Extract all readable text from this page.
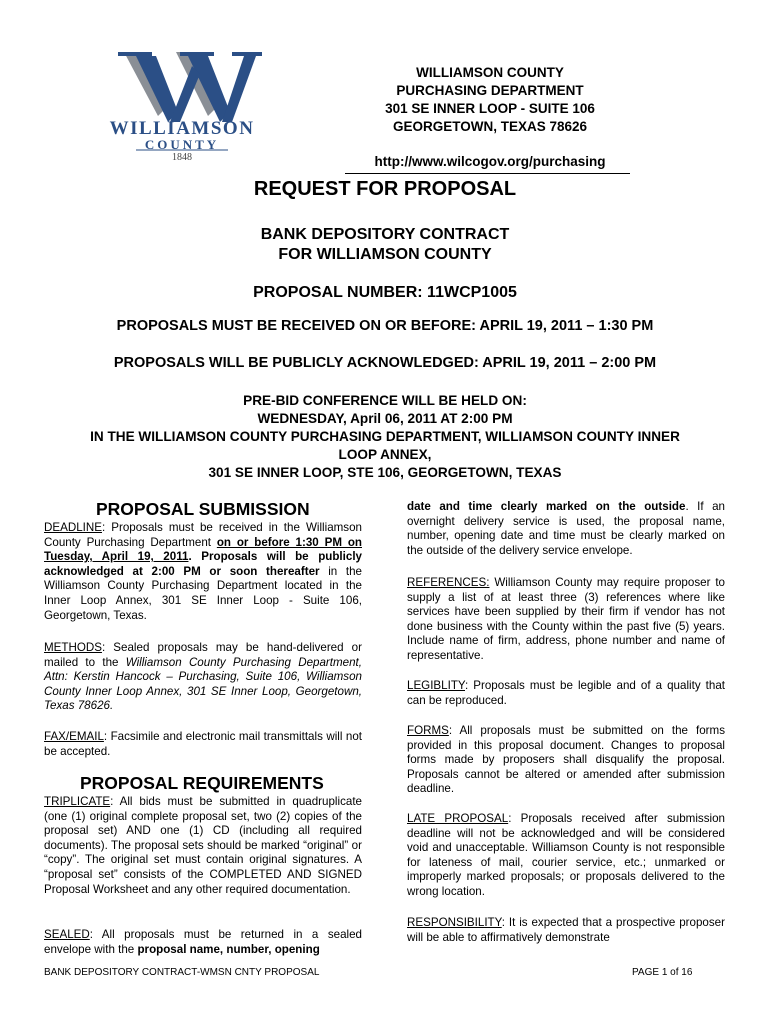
WILLIAMSON
COUNTY
1848
WILLIAMSON COUNTY
PURCHASING DEPARTMENT
301 SE INNER LOOP - SUITE 106
GEORGETOWN, TEXAS 78626
http://www.wilcogov.org/purchasing
REQUEST FOR PROPOSAL
BANK DEPOSITORY CONTRACT
FOR WILLIAMSON COUNTY
PROPOSAL NUMBER: 11WCP1005
PROPOSALS MUST BE RECEIVED ON OR BEFORE: APRIL 19, 2011 – 1:30 PM
PROPOSALS WILL BE PUBLICLY ACKNOWLEDGED: APRIL 19, 2011 – 2:00 PM
PRE-BID CONFERENCE WILL BE HELD ON:
WEDNESDAY, April 06, 2011 AT 2:00 PM
IN THE WILLIAMSON COUNTY PURCHASING DEPARTMENT, WILLIAMSON COUNTY INNER
LOOP ANNEX,
301 SE INNER LOOP, STE 106, GEORGETOWN, TEXAS
PROPOSAL SUBMISSION

DEADLINE: Proposals must be received in the Williamson County Purchasing Department on or before 1:30 PM on Tuesday, April 19, 2011. Proposals will be publicly acknowledged at 2:00 PM or soon thereafter in the Williamson County Purchasing Department located in the Inner Loop Annex, 301 SE Inner Loop - Suite 106, Georgetown, Texas.

METHODS: Sealed proposals may be hand-delivered or mailed to the Williamson County Purchasing Department, Attn: Kerstin Hancock – Purchasing, Suite 106, Williamson County Inner Loop Annex, 301 SE Inner Loop, Georgetown, Texas 78626.

FAX/EMAIL: Facsimile and electronic mail transmittals will not be accepted.

PROPOSAL REQUIREMENTS

TRIPLICATE: All bids must be submitted in quadruplicate (one (1) original complete proposal set, two (2) copies of the proposal set) AND one (1) CD (including all required documents). The proposal sets should be marked “original” or “copy”. The original set must contain original signatures. A “proposal set” consists of the COMPLETED AND SIGNED Proposal Worksheet and any other required documentation.

SEALED: All proposals must be returned in a sealed envelope with the proposal name, number, opening

date and time clearly marked on the outside. If an overnight delivery service is used, the proposal name, number, opening date and time must be clearly marked on the outside of the delivery service envelope.

REFERENCES: Williamson County may require proposer to supply a list of at least three (3) references where like services have been supplied by their firm if vendor has not done business with the County within the past five (5) years. Include name of firm, address, phone number and name of representative.

LEGIBLITY: Proposals must be legible and of a quality that can be reproduced.

FORMS: All proposals must be submitted on the forms provided in this proposal document. Changes to proposal forms made by proposers shall disqualify the proposal. Proposals cannot be altered or amended after submission deadline.

LATE PROPOSAL: Proposals received after submission deadline will not be acknowledged and will be considered void and unacceptable. Williamson County is not responsible for lateness of mail, courier service, etc.; unmarked or improperly marked proposals; or proposals delivered to the wrong location.

RESPONSIBILITY: It is expected that a prospective proposer will be able to affirmatively demonstrate

BANK DEPOSITORY CONTRACT-WMSN CNTY PROPOSAL	PAGE 1 of 16
